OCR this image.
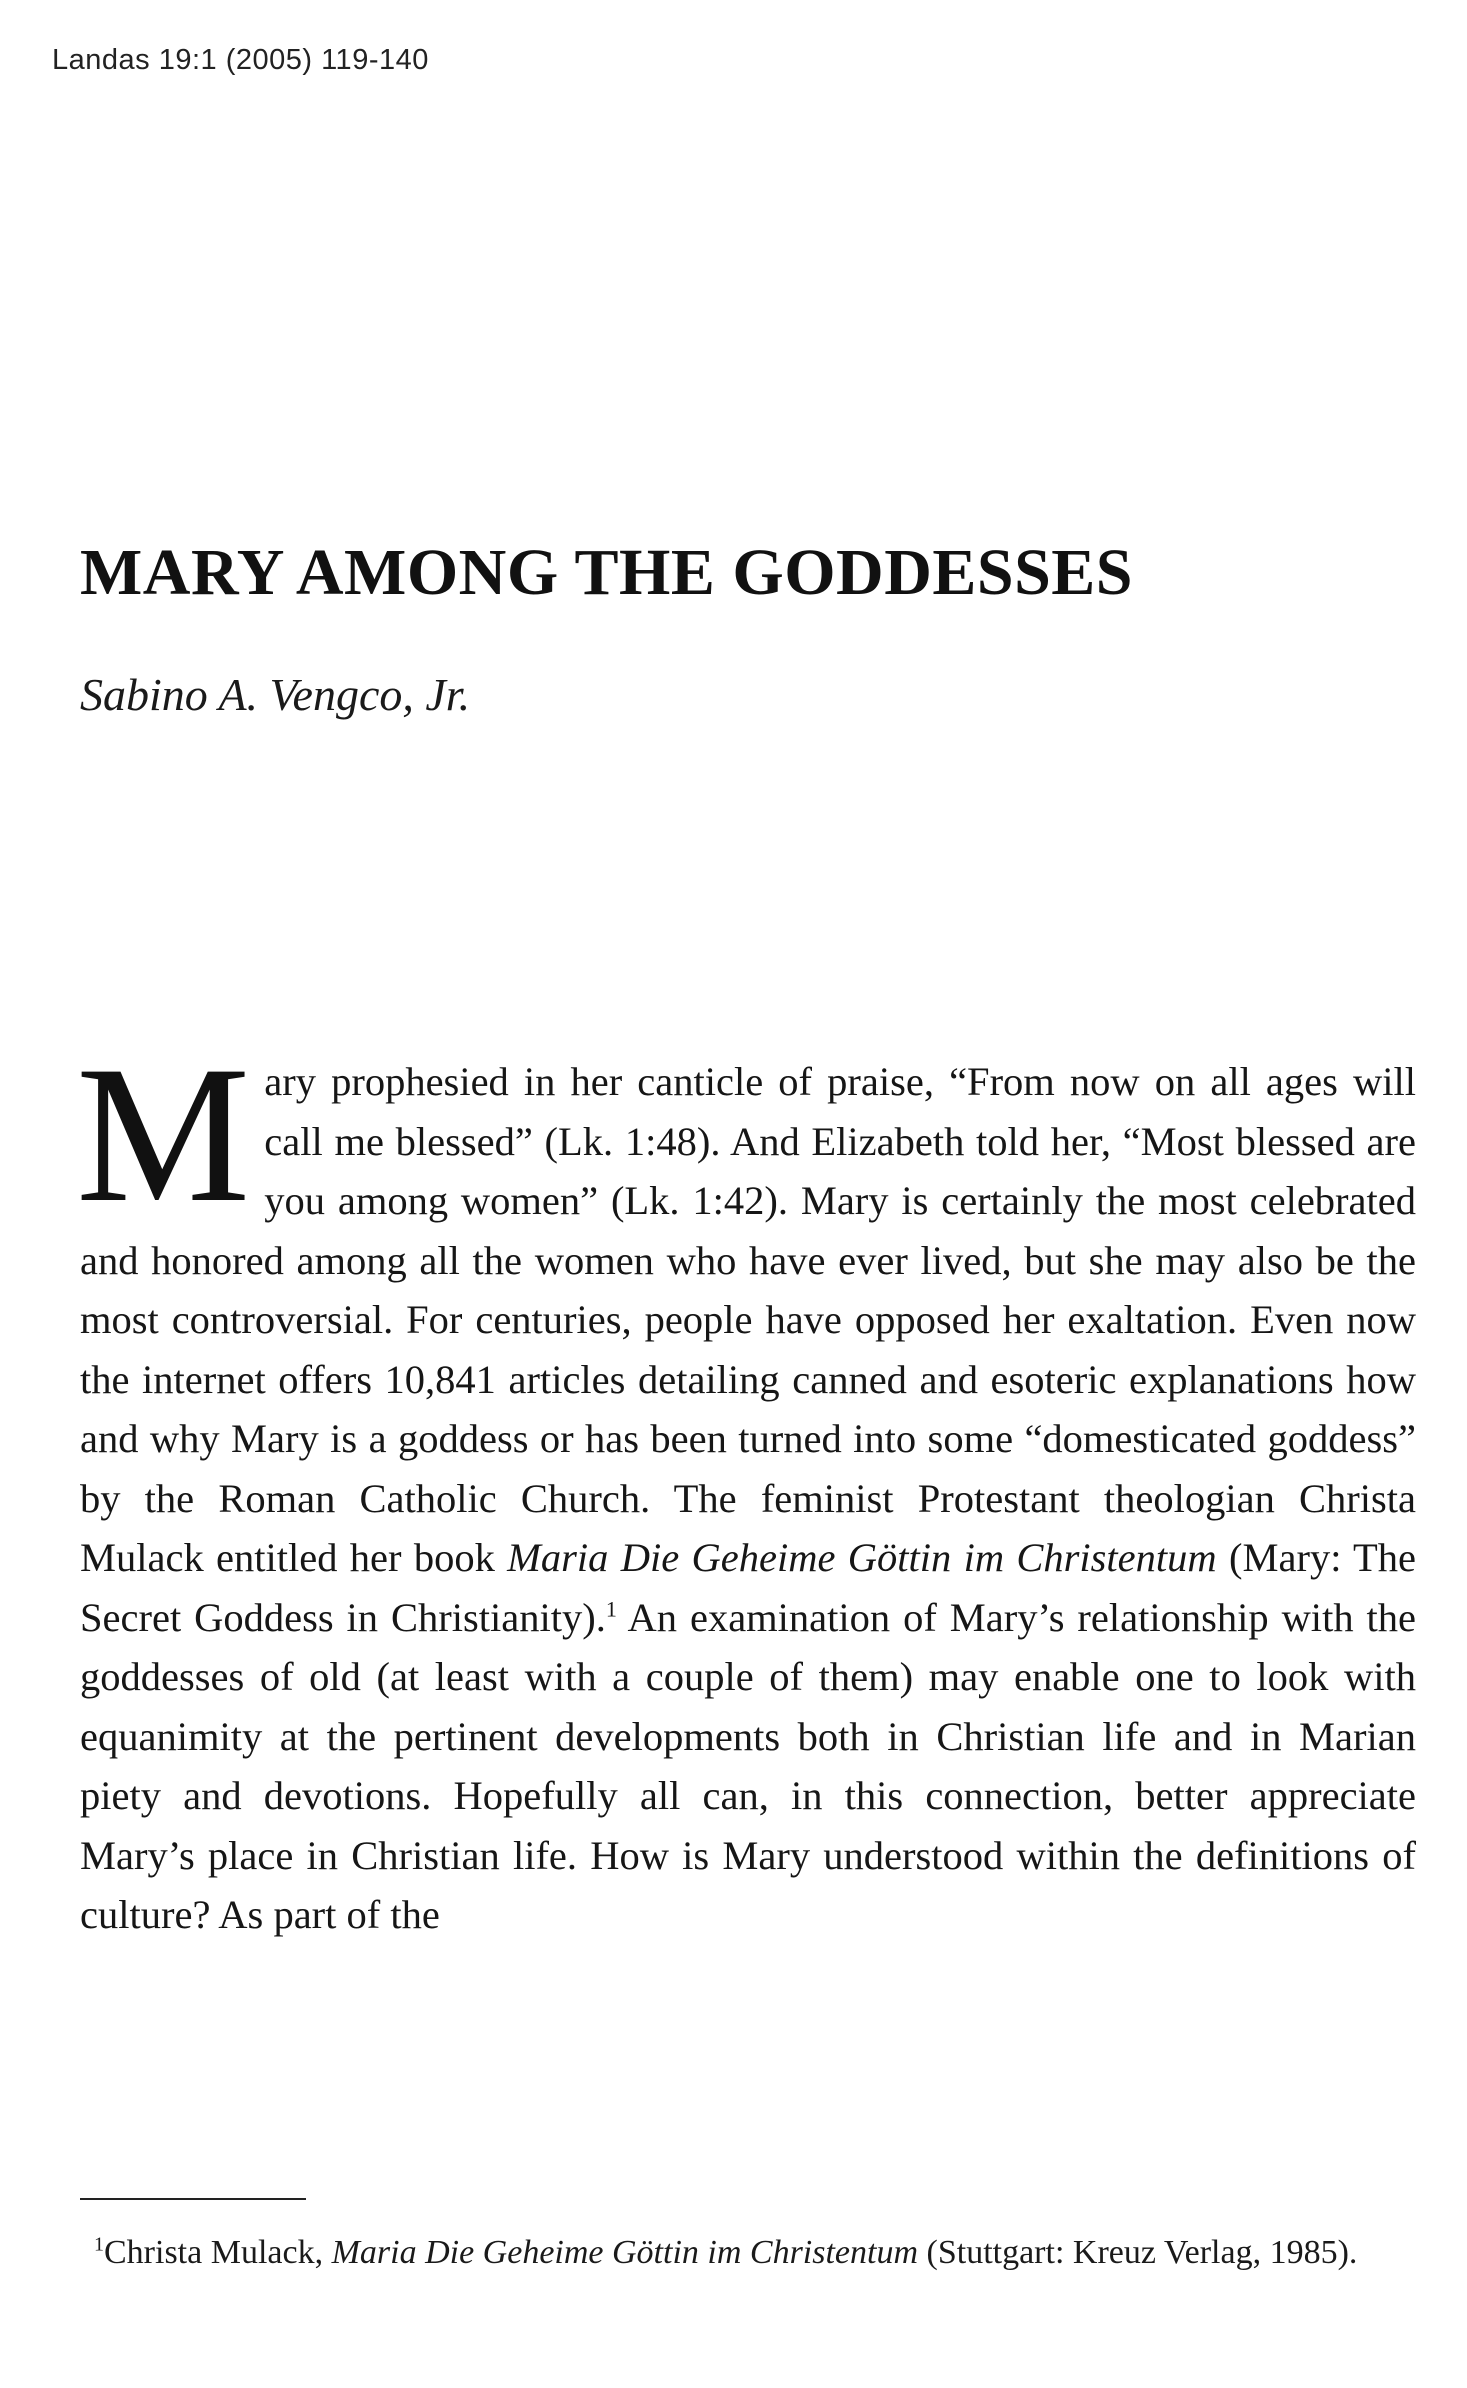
Landas 19:1 (2005) 119-140
MARY AMONG THE GODDESSES
Sabino A. Vengco, Jr.

Mary prophesied in her canticle of praise, “From now on all ages will call me blessed” (Lk. 1:48). And Elizabeth told her, “Most blessed are you among women” (Lk. 1:42). Mary is certainly the most celebrated and honored among all the women who have ever lived, but she may also be the most controversial. For centuries, people have opposed her exaltation. Even now the internet offers 10,841 articles detailing canned and esoteric explanations how and why Mary is a goddess or has been turned into some “domesticated goddess” by the Roman Catholic Church. The feminist Protestant theologian Christa Mulack entitled her book Maria Die Geheime Göttin im Christentum (Mary: The Secret Goddess in Christianity).$^1$ An examination of Mary’s relationship with the goddesses of old (at least with a couple of them) may enable one to look with equanimity at the pertinent developments both in Christian life and in Marian piety and devotions. Hopefully all can, in this connection, better appreciate Mary’s place in Christian life. How is Mary understood within the definitions of culture? As part of the

$^1$Christa Mulack, Maria Die Geheime Göttin im Christentum (Stuttgart: Kreuz Verlag, 1985).
